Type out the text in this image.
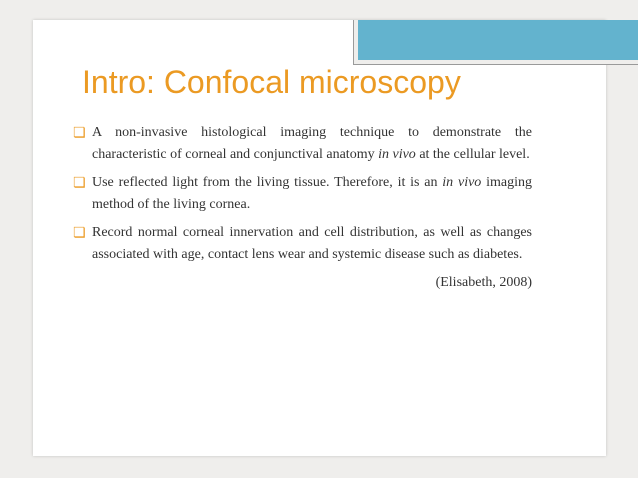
Intro: Confocal microscopy
❏ A non-invasive histological imaging technique to demonstrate the characteristic of corneal and conjunctival anatomy in vivo at the cellular level.
❏ Use reflected light from the living tissue. Therefore, it is an in vivo imaging method of the living cornea.
❏ Record normal corneal innervation and cell distribution, as well as changes associated with age, contact lens wear and systemic disease such as diabetes.
(Elisabeth, 2008)
